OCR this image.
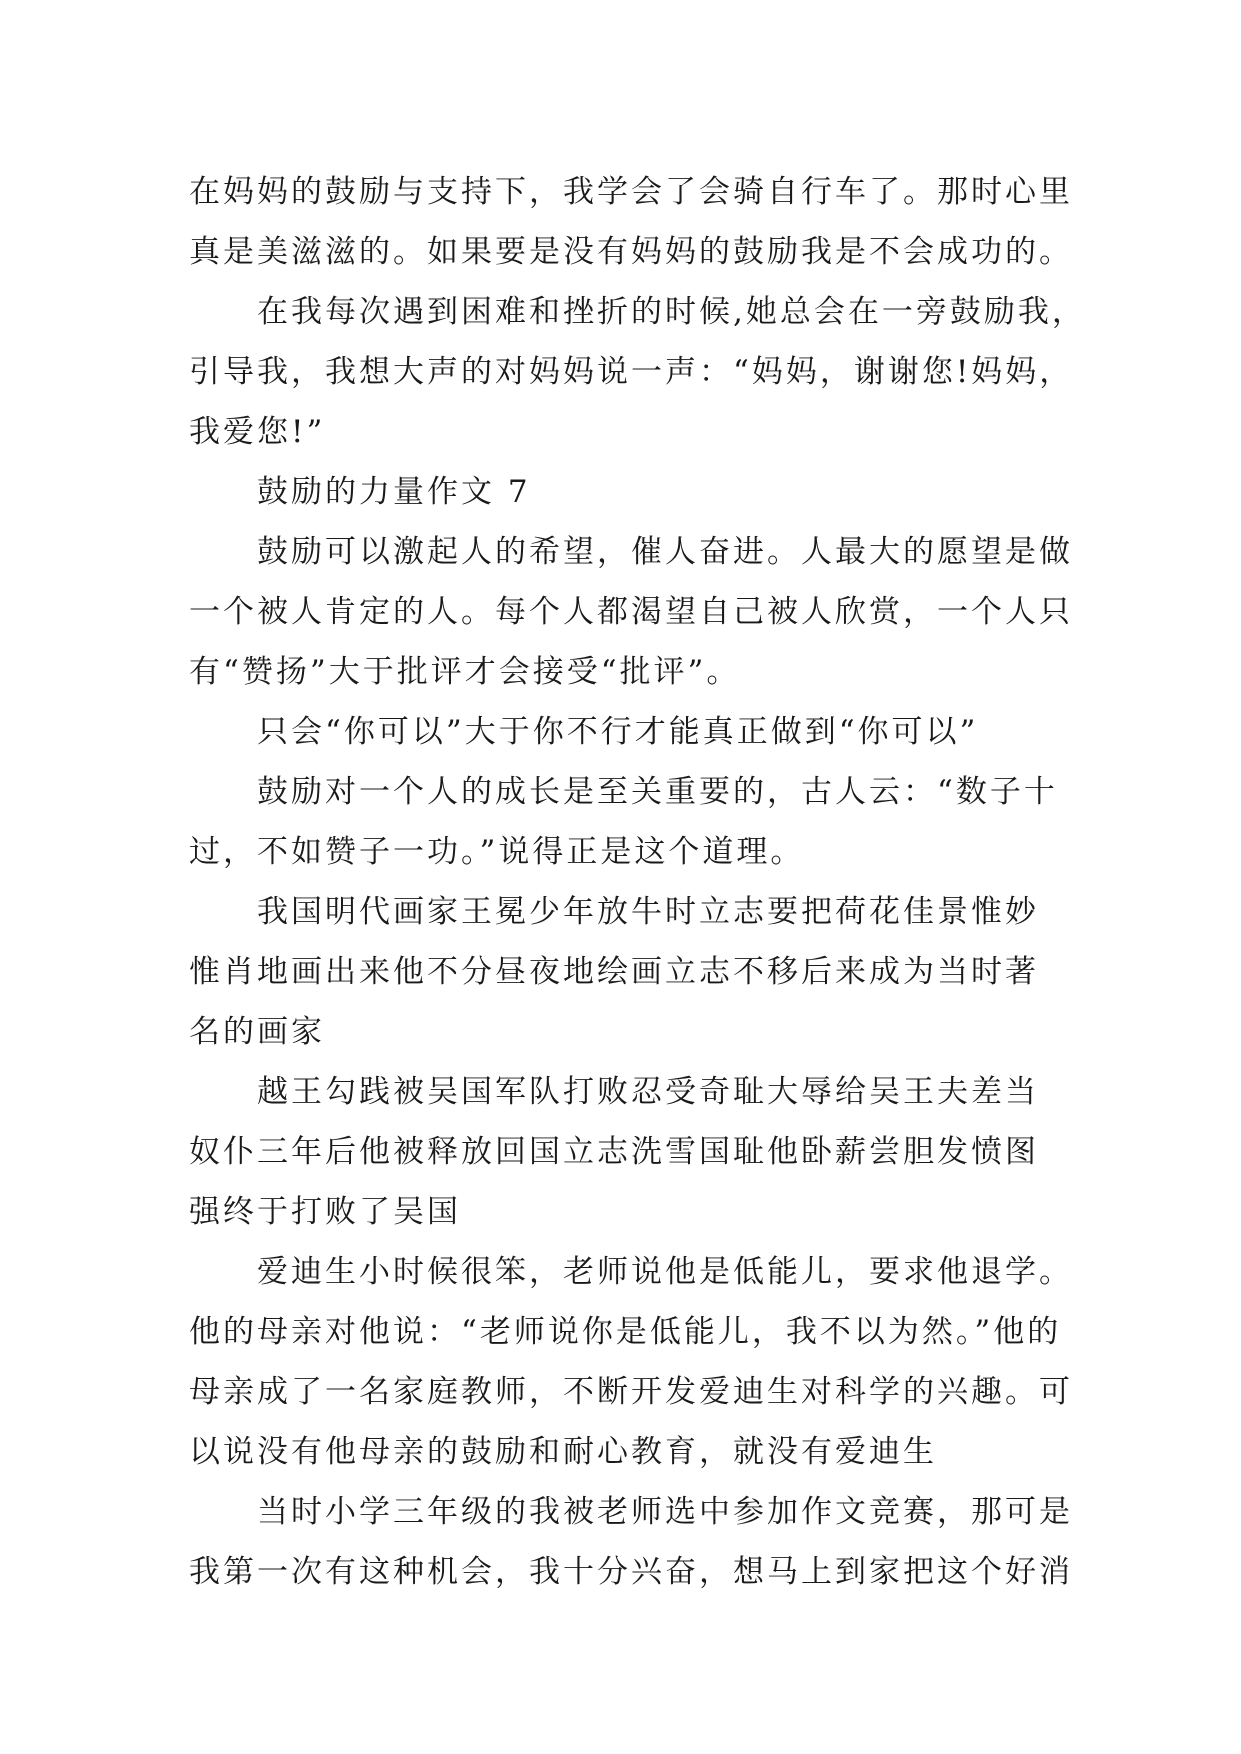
在妈妈的鼓励与支持下，我学会了会骑自行车了。那时心里
真是美滋滋的。如果要是没有妈妈的鼓励我是不会成功的。
在我每次遇到困难和挫折的时候,她总会在一旁鼓励我，
引导我，我想大声的对妈妈说一声：“妈妈，谢谢您!妈妈，
我爱您!”
鼓励的力量作文 7
鼓励可以激起人的希望，催人奋进。人最大的愿望是做
一个被人肯定的人。每个人都渴望自己被人欣赏，一个人只
有“赞扬”大于批评才会接受“批评”。
只会“你可以”大于你不行才能真正做到“你可以”
鼓励对一个人的成长是至关重要的，古人云：“数子十
过，不如赞子一功。”说得正是这个道理。
我国明代画家王冕少年放牛时立志要把荷花佳景惟妙
惟肖地画出来他不分昼夜地绘画立志不移后来成为当时著
名的画家
越王勾践被吴国军队打败忍受奇耻大辱给吴王夫差当
奴仆三年后他被释放回国立志洗雪国耻他卧薪尝胆发愤图
强终于打败了吴国
爱迪生小时候很笨，老师说他是低能儿，要求他退学。
他的母亲对他说：“老师说你是低能儿，我不以为然。”他的
母亲成了一名家庭教师，不断开发爱迪生对科学的兴趣。可
以说没有他母亲的鼓励和耐心教育，就没有爱迪生
当时小学三年级的我被老师选中参加作文竞赛，那可是
我第一次有这种机会，我十分兴奋，想马上到家把这个好消
